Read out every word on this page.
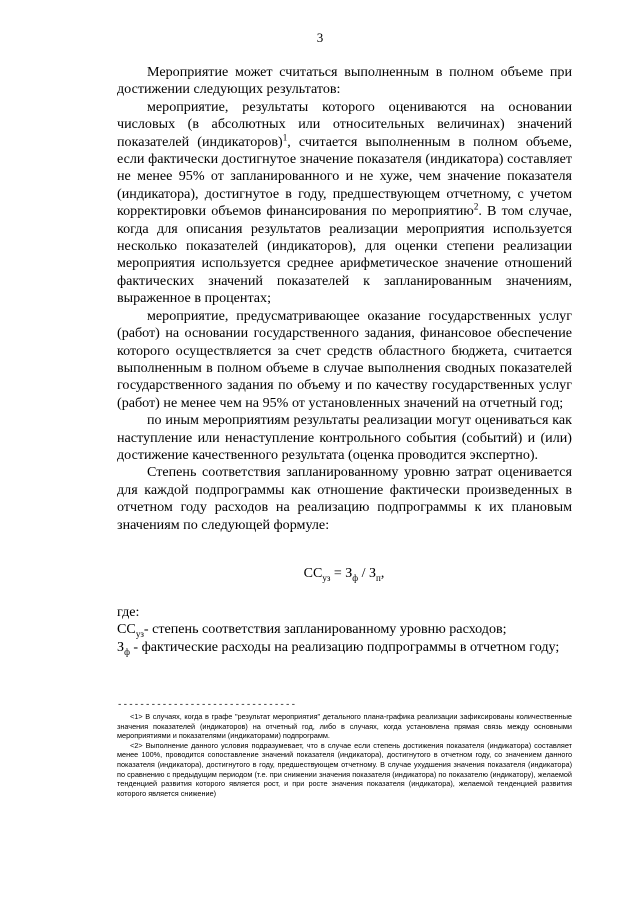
3

Мероприятие может считаться выполненным в полном объеме при достижении следующих результатов:

мероприятие, результаты которого оцениваются на основании числовых (в абсолютных или относительных величинах) значений показателей (индикаторов)$^1$, считается выполненным в полном объеме, если фактически достигнутое значение показателя (индикатора) составляет не менее 95% от запланированного и не хуже, чем значение показателя (индикатора), достигнутое в году, предшествующем отчетному, с учетом корректировки объемов финансирования по мероприятию$^2$. В том случае, когда для описания результатов реализации мероприятия используется несколько показателей (индикаторов), для оценки степени реализации мероприятия используется среднее арифметическое значение отношений фактических значений показателей к запланированным значениям, выраженное в процентах;

мероприятие, предусматривающее оказание государственных услуг (работ) на основании государственного задания, финансовое обеспечение которого осуществляется за счет средств областного бюджета, считается выполненным в полном объеме в случае выполнения сводных показателей государственного задания по объему и по качеству государственных услуг (работ) не менее чем на 95% от установленных значений на отчетный год;

по иным мероприятиям результаты реализации могут оцениваться как наступление или ненаступление контрольного события (событий) и (или) достижение качественного результата (оценка проводится экспертно).

Степень соответствия запланированному уровню затрат оценивается для каждой подпрограммы как отношение фактически произведенных в отчетном году расходов на реализацию подпрограммы к их плановым значениям по следующей формуле:

$СС_{уз} = З_ф / З_п$,

где:

$СС_{уз}-$ степень соответствия запланированному уровню расходов;

$З_ф$ - фактические расходы на реализацию подпрограммы в отчетном году;

--------------------------------

<1> В случаях, когда в графе "результат мероприятия" детального плана-графика реализации зафиксированы количественные значения показателей (индикаторов) на отчетный год, либо в случаях, когда установлена прямая связь между основными мероприятиями и показателями (индикаторами) подпрограмм.

<2> Выполнение данного условия подразумевает, что в случае если степень достижения показателя (индикатора) составляет менее 100%, проводится сопоставление значений показателя (индикатора), достигнутого в отчетном году, со значением данного показателя (индикатора), достигнутого в году, предшествующем отчетному. В случае ухудшения значения показателя (индикатора) по сравнению с предыдущим периодом (т.е. при снижении значения показателя (индикатора) по показателю (индикатору), желаемой тенденцией развития которого является рост, и при росте значения показателя (индикатора), желаемой тенденцией развития которого является снижение)
